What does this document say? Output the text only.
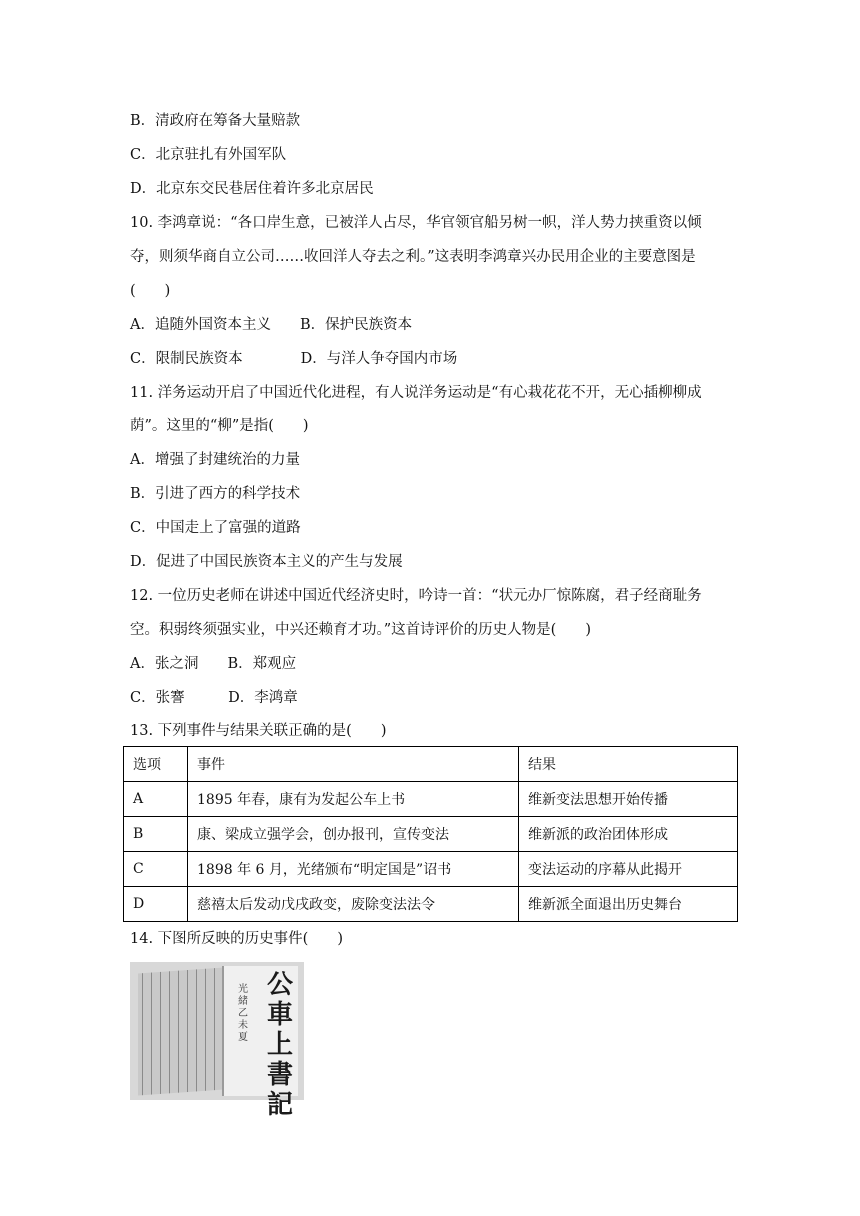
B．清政府在筹备大量赔款
C．北京驻扎有外国军队
D．北京东交民巷居住着许多北京居民
10. 李鸿章说：“各口岸生意，已被洋人占尽，华官领官船另树一帜，洋人势力挟重资以倾
夺，则须华商自立公司……收回洋人夺去之利。”这表明李鸿章兴办民用企业的主要意图是
(　　)
A．追随外国资本主义　　B．保护民族资本
C．限制民族资本　　　　D．与洋人争夺国内市场
11. 洋务运动开启了中国近代化进程，有人说洋务运动是“有心栽花花不开，无心插柳柳成
荫”。这里的“柳”是指(　　)
A．增强了封建统治的力量
B．引进了西方的科学技术
C．中国走上了富强的道路
D．促进了中国民族资本主义的产生与发展
12. 一位历史老师在讲述中国近代经济史时，吟诗一首：“状元办厂惊陈腐，君子经商耻务
空。积弱终须强实业，中兴还赖育才功。”这首诗评价的历史人物是(　　)
A．张之洞　　B．郑观应
C．张謇　　　D．李鸿章
13. 下列事件与结果关联正确的是(　　)
选项	事件	结果
A	1895 年春，康有为发起公车上书	维新变法思想开始传播
B	康、梁成立强学会，创办报刊，宣传变法	维新派的政治团体形成
C	1898 年 6 月，光绪颁布“明定国是”诏书	变法运动的序幕从此揭开
D	慈禧太后发动戊戌政变，废除变法法令	维新派全面退出历史舞台
14. 下图所反映的历史事件(　　)
光緒乙未夏
公車上書記
